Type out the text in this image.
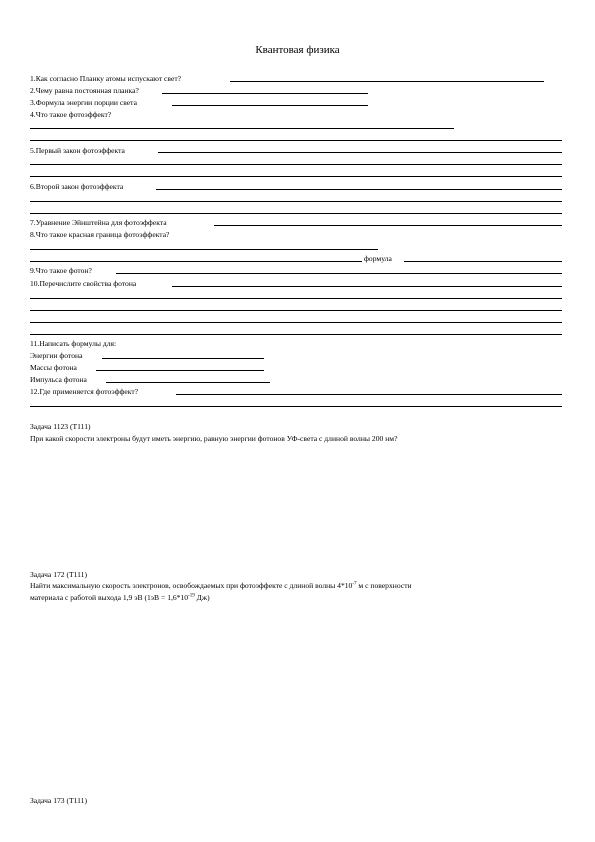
Квантовая физика
1.Как согласно Планку атомы испускают свет?
2.Чему равна постоянная планка?
3.Формула энергии порции света
4.Что такое фотоэффект?
5.Первый закон фотоэффекта
6.Второй закон фотоэффекта
7.Уравнение Эйнштейна для фотоэффекта
8.Что такое красная граница фотоэффекта?
формула
9.Что такое фотон?
10.Перечислите свойства фотона
11.Написать формулы для:
Энергии фотона
Массы фотона
Импульса фотона
12.Где применяется фотоэффект?
Задача 1123 (Т111)
При какой скорости электроны будут иметь энергию, равную энергии фотонов УФ-света с длиной волны 200 нм?
Задача 172 (Т111)
Найти максимальную скорость электронов, освобождаемых при фотоэффекте с длиной волны $4*10^{-7}$ м с поверхности
материала с работой выхода 1,9 эВ ($1эВ = 1,6*10^{-19}$ Дж)
Задача 173 (Т111)
